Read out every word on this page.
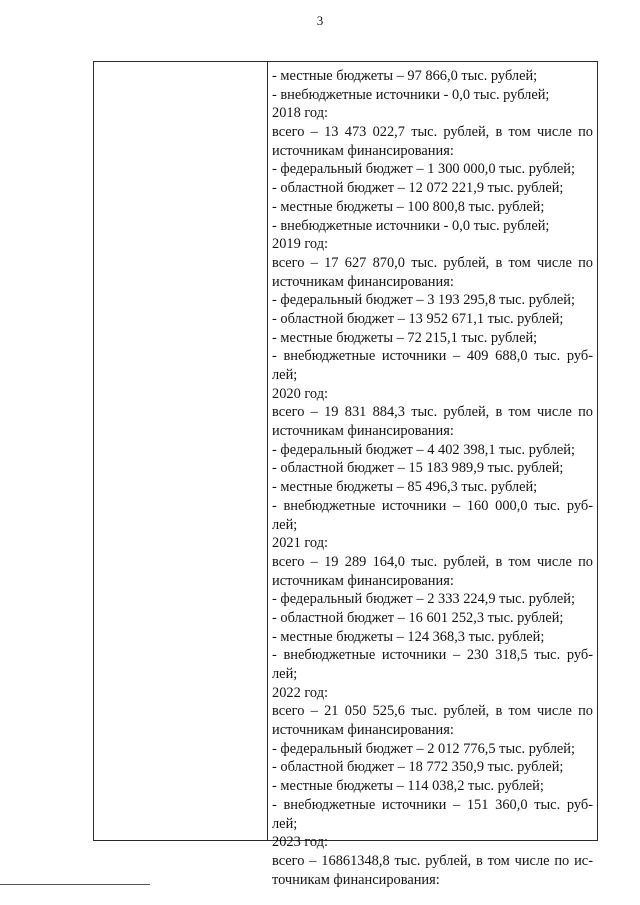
3
- местные бюджеты – 97 866,0 тыс. рублей;
- внебюджетные источники - 0,0 тыс. рублей;
2018 год:
всего – 13 473 022,7 тыс. рублей, в том числе по
источникам финансирования:
- федеральный бюджет – 1 300 000,0 тыс. рублей;
- областной бюджет – 12 072 221,9 тыс. рублей;
- местные бюджеты – 100 800,8 тыс. рублей;
- внебюджетные источники - 0,0 тыс. рублей;
2019 год:
всего – 17 627 870,0 тыс. рублей, в том числе по
источникам финансирования:
- федеральный бюджет – 3 193 295,8 тыс. рублей;
- областной бюджет – 13 952 671,1 тыс. рублей;
- местные бюджеты – 72 215,1 тыс. рублей;
- внебюджетные источники – 409 688,0 тыс. руб-
лей;
2020 год:
всего – 19 831 884,3 тыс. рублей, в том числе по
источникам финансирования:
- федеральный бюджет – 4 402 398,1 тыс. рублей;
- областной бюджет – 15 183 989,9 тыс. рублей;
- местные бюджеты – 85 496,3 тыс. рублей;
- внебюджетные источники – 160 000,0 тыс. руб-
лей;
2021 год:
всего – 19 289 164,0 тыс. рублей, в том числе по
источникам финансирования:
- федеральный бюджет – 2 333 224,9 тыс. рублей;
- областной бюджет – 16 601 252,3 тыс. рублей;
- местные бюджеты – 124 368,3 тыс. рублей;
- внебюджетные источники – 230 318,5 тыс. руб-
лей;
2022 год:
всего – 21 050 525,6 тыс. рублей, в том числе по
источникам финансирования:
- федеральный бюджет – 2 012 776,5 тыс. рублей;
- областной бюджет – 18 772 350,9 тыс. рублей;
- местные бюджеты – 114 038,2 тыс. рублей;
- внебюджетные источники – 151 360,0 тыс. руб-
лей;
2023 год:
всего – 16861348,8 тыс. рублей, в том числе по ис-
точникам финансирования:
